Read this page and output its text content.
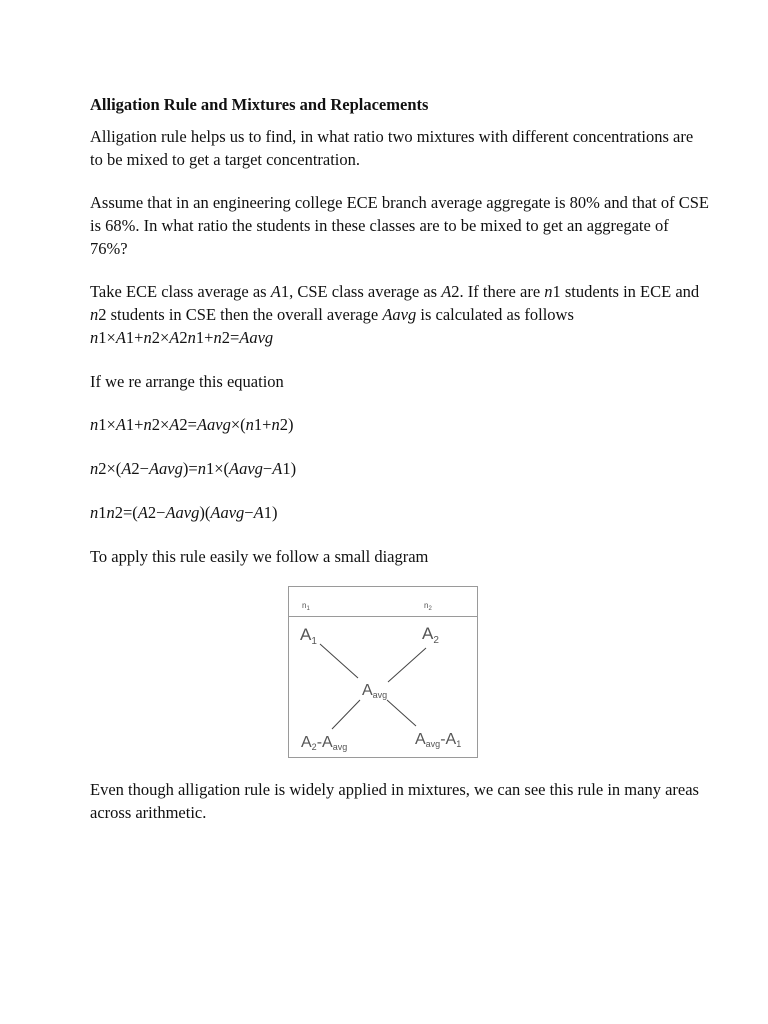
Alligation Rule and Mixtures and Replacements
Alligation rule helps us to find, in what ratio two mixtures with different concentrations are to be mixed to get a target concentration.
Assume that in an engineering college ECE branch average aggregate is 80% and that of CSE is 68%. In what ratio the students in these classes are to be mixed to get an aggregate of 76%?
Take ECE class average as A1, CSE class average as A2. If there are n1 students in ECE and n2 students in CSE then the overall average Aavg is calculated as follows
n1×A1+n2×A2n1+n2=Aavg
If we re arrange this equation
n1×A1+n2×A2=Aavg×(n1+n2)
n2×(A2−Aavg)=n1×(Aavg−A1)
n1n2=(A2−Aavg)(Aavg−A1)
To apply this rule easily we follow a small diagram
$n_1$	$n_2$
$A_1$	$A_2$
Aavg
A2-Aavg	Aavg-A1
Even though alligation rule is widely applied in mixtures, we can see this rule in many areas across arithmetic.
